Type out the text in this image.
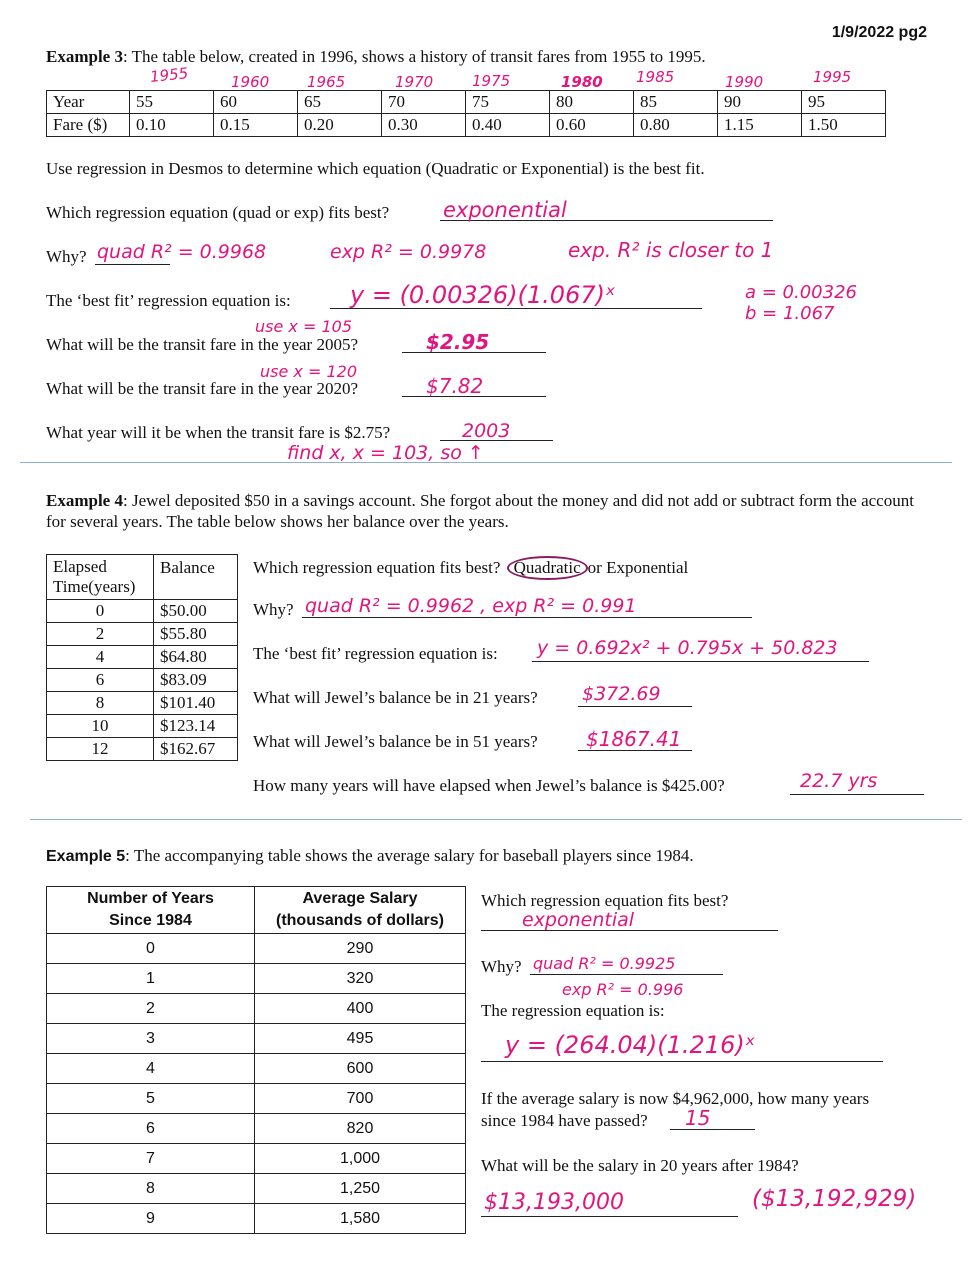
1/9/2022 pg2
Example 3: The table below, created in 1996, shows a history of transit fares from 1955 to 1995.
1955	1960	1965	1970	1975	1980 1985	1990	1995
Year	55	60	65	70	75	80	85	90	95
Fare ($)	0.10	0.15	0.20	0.30	0.40	0.60	0.80	1.15	1.50
Use regression in Desmos to determine which equation (Quadratic or Exponential) is the best fit.
Which regression equation (quad or exp) fits best?	exponential
Why? quad R² = 0.9968	exp R² = 0.9978	exp. R² is closer to 1
The ‘best fit’ regression equation is: y = (0.00326)(1.067)ˣ	a = 0.00326
b = 1.067
use x = 105
What will be the transit fare in the year 2005?	$2.95
use x = 120
What will be the transit fare in the year 2020?	$7.82
What year will it be when the transit fare is $2.75?	2003
find x, x = 103, so ↑
Example 4: Jewel deposited $50 in a savings account. She forgot about the money and did not add or subtract form the account for several years. The table below shows her balance over the years.
Elapsed
Time(years)	Balance
0	$50.00
2	$55.80
4	$64.80
6	$83.09
8	$101.40
10	$123.14
12	$162.67
Which regression equation fits best? Quadratic or Exponential
Why? quad R² = 0.9962 , exp R² = 0.991
The ‘best fit’ regression equation is: y = 0.692x² + 0.795x + 50.823
What will Jewel’s balance be in 21 years? $372.69
What will Jewel’s balance be in 51 years? $1867.41
How many years will have elapsed when Jewel’s balance is $425.00?	22.7 yrs
Example 5: The accompanying table shows the average salary for baseball players since 1984.
Number of Years
Since 1984	Average Salary
(thousands of dollars)
0	290
1	320
2	400
3	495
4	600
5	700
6	820
7	1,000
8	1,250
9	1,580
Which regression equation fits best?
exponential
Why? quad R² = 0.9925
exp R² = 0.996
The regression equation is:
y = (264.04)(1.216)ˣ
If the average salary is now $4,962,000, how many years
since 1984 have passed? 15
What will be the salary in 20 years after 1984?
$13,193,000	($13,192,929)
